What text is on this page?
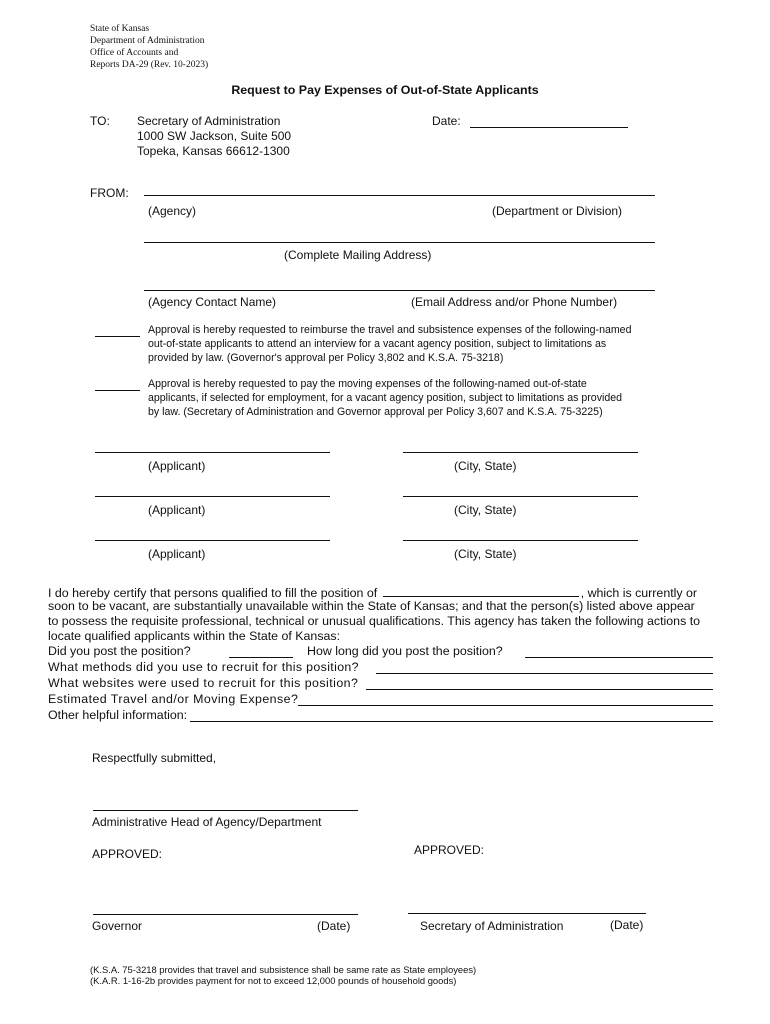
State of Kansas
Department of Administration
Office of Accounts and
Reports DA-29 (Rev. 10-2023)
Request to Pay Expenses of Out-of-State Applicants
TO: Secretary of Administration
1000 SW Jackson, Suite 500
Topeka, Kansas 66612-1300
Date:
FROM:
(Agency)	(Department or Division)
(Complete Mailing Address)
(Agency Contact Name)	(Email Address and/or Phone Number)
Approval is hereby requested to reimburse the travel and subsistence expenses of the following-named
out-of-state applicants to attend an interview for a vacant agency position, subject to limitations as
provided by law. (Governor's approval per Policy 3,802 and K.S.A. 75-3218)
Approval is hereby requested to pay the moving expenses of the following-named out-of-state
applicants, if selected for employment, for a vacant agency position, subject to limitations as provided
by law. (Secretary of Administration and Governor approval per Policy 3,607 and K.S.A. 75-3225)
(Applicant)	(City, State)
(Applicant)	(City, State)
(Applicant)	(City, State)
I do hereby certify that persons qualified to fill the position of	, which is currently or
soon to be vacant, are substantially unavailable within the State of Kansas; and that the person(s) listed above appear
to possess the requisite professional, technical or unusual qualifications. This agency has taken the following actions to
locate qualified applicants within the State of Kansas:
Did you post the position?	How long did you post the position?
What methods did you use to recruit for this position?
What websites were used to recruit for this position?
Estimated Travel and/or Moving Expense?
Other helpful information:
Respectfully submitted,
Administrative Head of Agency/Department
APPROVED:	APPROVED:
Governor	(Date)	Secretary of Administration	(Date)
(K.S.A. 75-3218 provides that travel and subsistence shall be same rate as State employees)
(K.A.R. 1-16-2b provides payment for not to exceed 12,000 pounds of household goods)
